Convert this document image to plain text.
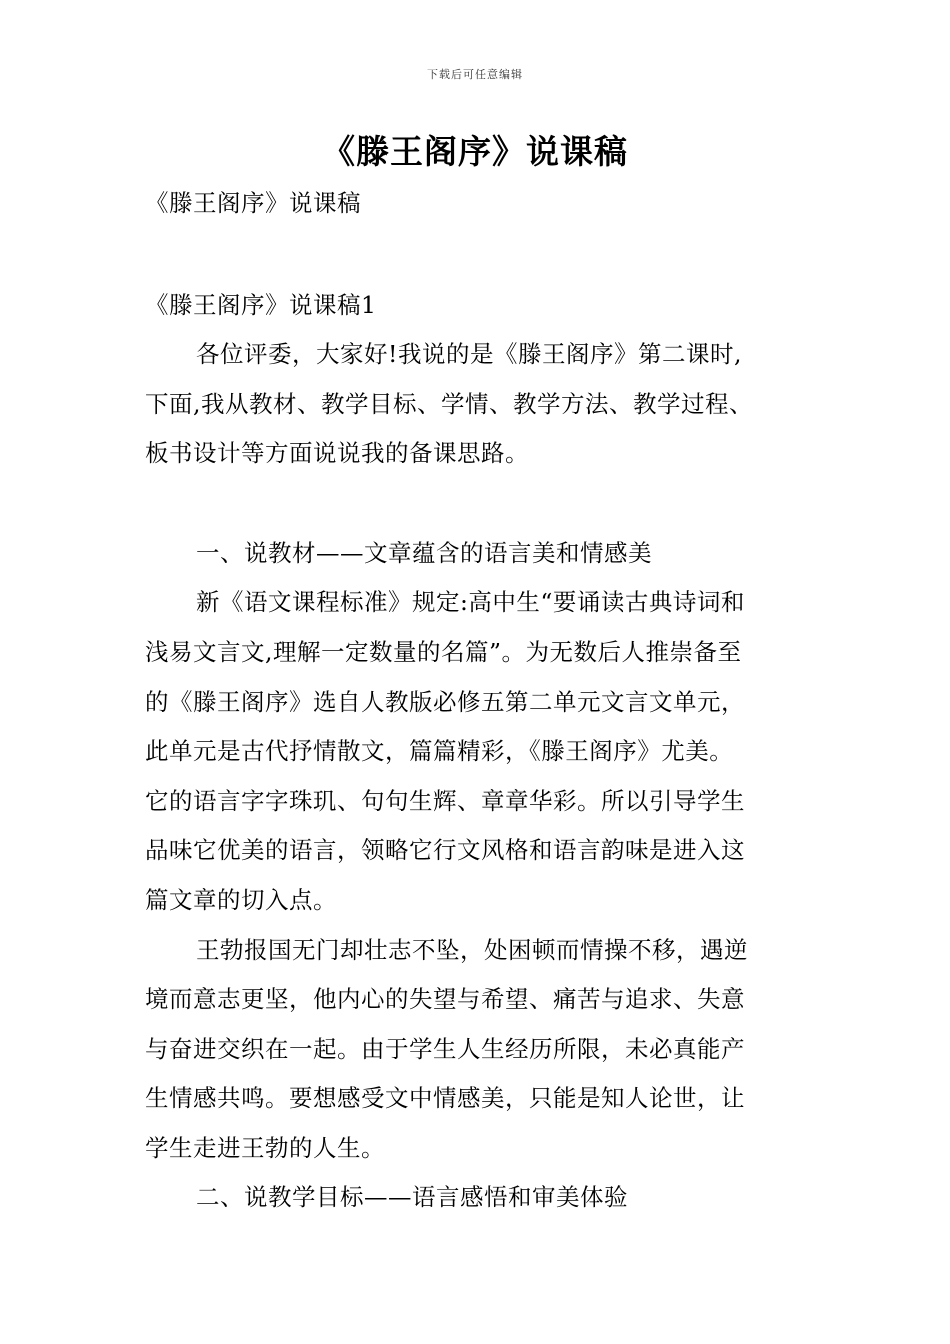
下载后可任意编辑
《滕王阁序》说课稿
《滕王阁序》说课稿
《滕王阁序》说课稿1
各位评委，大家好!我说的是《滕王阁序》第二课时,
下面,我从教材、教学目标、学情、教学方法、教学过程、
板书设计等方面说说我的备课思路。
一、说教材——文章蕴含的语言美和情感美
新《语文课程标准》规定:高中生“要诵读古典诗词和
浅易文言文,理解一定数量的名篇”。为无数后人推崇备至
的《滕王阁序》选自人教版必修五第二单元文言文单元，
此单元是古代抒情散文，篇篇精彩，《滕王阁序》尤美。
它的语言字字珠玑、句句生辉、章章华彩。所以引导学生
品味它优美的语言，领略它行文风格和语言韵味是进入这
篇文章的切入点。
王勃报国无门却壮志不坠，处困顿而情操不移，遇逆
境而意志更坚，他内心的失望与希望、痛苦与追求、失意
与奋进交织在一起。由于学生人生经历所限，未必真能产
生情感共鸣。要想感受文中情感美，只能是知人论世，让
学生走进王勃的人生。
二、说教学目标——语言感悟和审美体验
